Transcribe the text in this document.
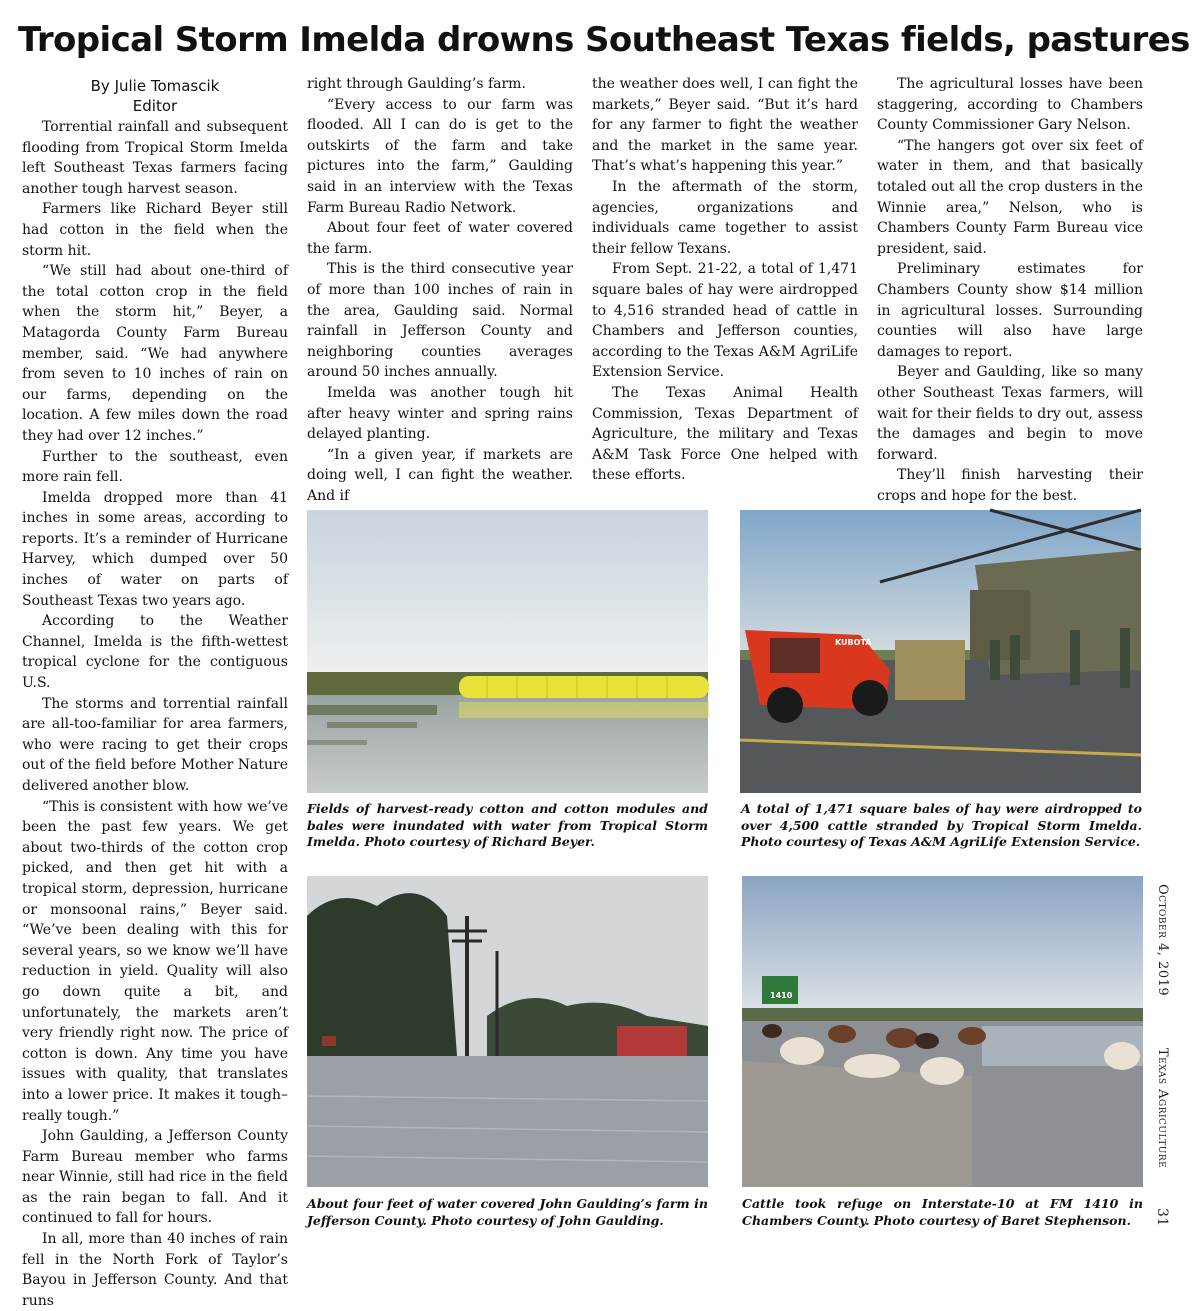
Tropical Storm Imelda drowns Southeast Texas fields, pastures
By Julie Tomascik
Editor

Torrential rainfall and subsequent flooding from Tropical Storm Imelda left Southeast Texas farmers facing another tough harvest season.

Farmers like Richard Beyer still had cotton in the field when the storm hit.

“We still had about one-third of the total cotton crop in the field when the storm hit,” Beyer, a Matagorda County Farm Bureau member, said. “We had anywhere from seven to 10 inches of rain on our farms, depending on the location. A few miles down the road they had over 12 inches.”

Further to the southeast, even more rain fell.

Imelda dropped more than 41 inches in some areas, according to reports. It’s a reminder of Hurricane Harvey, which dumped over 50 inches of water on parts of Southeast Texas two years ago.

According to the Weather Channel, Imelda is the fifth-wettest tropical cyclone for the contiguous U.S.

The storms and torrential rainfall are all-too-familiar for area farmers, who were racing to get their crops out of the field before Mother Nature delivered another blow.

“This is consistent with how we’ve been the past few years. We get about two-thirds of the cotton crop picked, and then get hit with a tropical storm, depression, hurricane or monsoonal rains,” Beyer said. “We’ve been dealing with this for several years, so we know we’ll have reduction in yield. Quality will also go down quite a bit, and unfortunately, the markets aren’t very friendly right now. The price of cotton is down. Any time you have issues with quality, that translates into a lower price. It makes it tough–really tough.”

John Gaulding, a Jefferson County Farm Bureau member who farms near Winnie, still had rice in the field as the rain began to fall. And it continued to fall for hours.

In all, more than 40 inches of rain fell in the North Fork of Taylor’s Bayou in Jefferson County. And that runs

right through Gaulding’s farm.

“Every access to our farm was flooded. All I can do is get to the outskirts of the farm and take pictures into the farm,” Gaulding said in an interview with the Texas Farm Bureau Radio Network.

About four feet of water covered the farm.

This is the third consecutive year of more than 100 inches of rain in the area, Gaulding said. Normal rainfall in Jefferson County and neighboring counties averages around 50 inches annually.

Imelda was another tough hit after heavy winter and spring rains delayed planting.

“In a given year, if markets are doing well, I can fight the weather. And if

the weather does well, I can fight the markets,” Beyer said. “But it’s hard for any farmer to fight the weather and the market in the same year. That’s what’s happening this year.”

In the aftermath of the storm, agencies, organizations and individuals came together to assist their fellow Texans.

From Sept. 21-22, a total of 1,471 square bales of hay were airdropped to 4,516 stranded head of cattle in Chambers and Jefferson counties, according to the Texas A&M AgriLife Extension Service.

The Texas Animal Health Commission, Texas Department of Agriculture, the military and Texas A&M Task Force One helped with these efforts.

The agricultural losses have been staggering, according to Chambers County Commissioner Gary Nelson.

“The hangers got over six feet of water in them, and that basically totaled out all the crop dusters in the Winnie area,” Nelson, who is Chambers County Farm Bureau vice president, said.

Preliminary estimates for Chambers County show $14 million in agricultural losses. Surrounding counties will also have large damages to report.

Beyer and Gaulding, like so many other Southeast Texas farmers, will wait for their fields to dry out, assess the damages and begin to move forward.

They’ll finish harvesting their crops and hope for the best.

KUBOTA
1410

Fields of harvest-ready cotton and cotton modules and bales were inundated with water from Tropical Storm Imelda. Photo courtesy of Richard Beyer.

A total of 1,471 square bales of hay were airdropped to over 4,500 cattle stranded by Tropical Storm Imelda. Photo courtesy of Texas A&M AgriLife Extension Service.

About four feet of water covered John Gaulding’s farm in Jefferson County. Photo courtesy of John Gaulding.

Cattle took refuge on Interstate-10 at FM 1410 in Chambers County. Photo courtesy of Baret Stephenson.

October 4, 2019
Texas Agriculture
31
